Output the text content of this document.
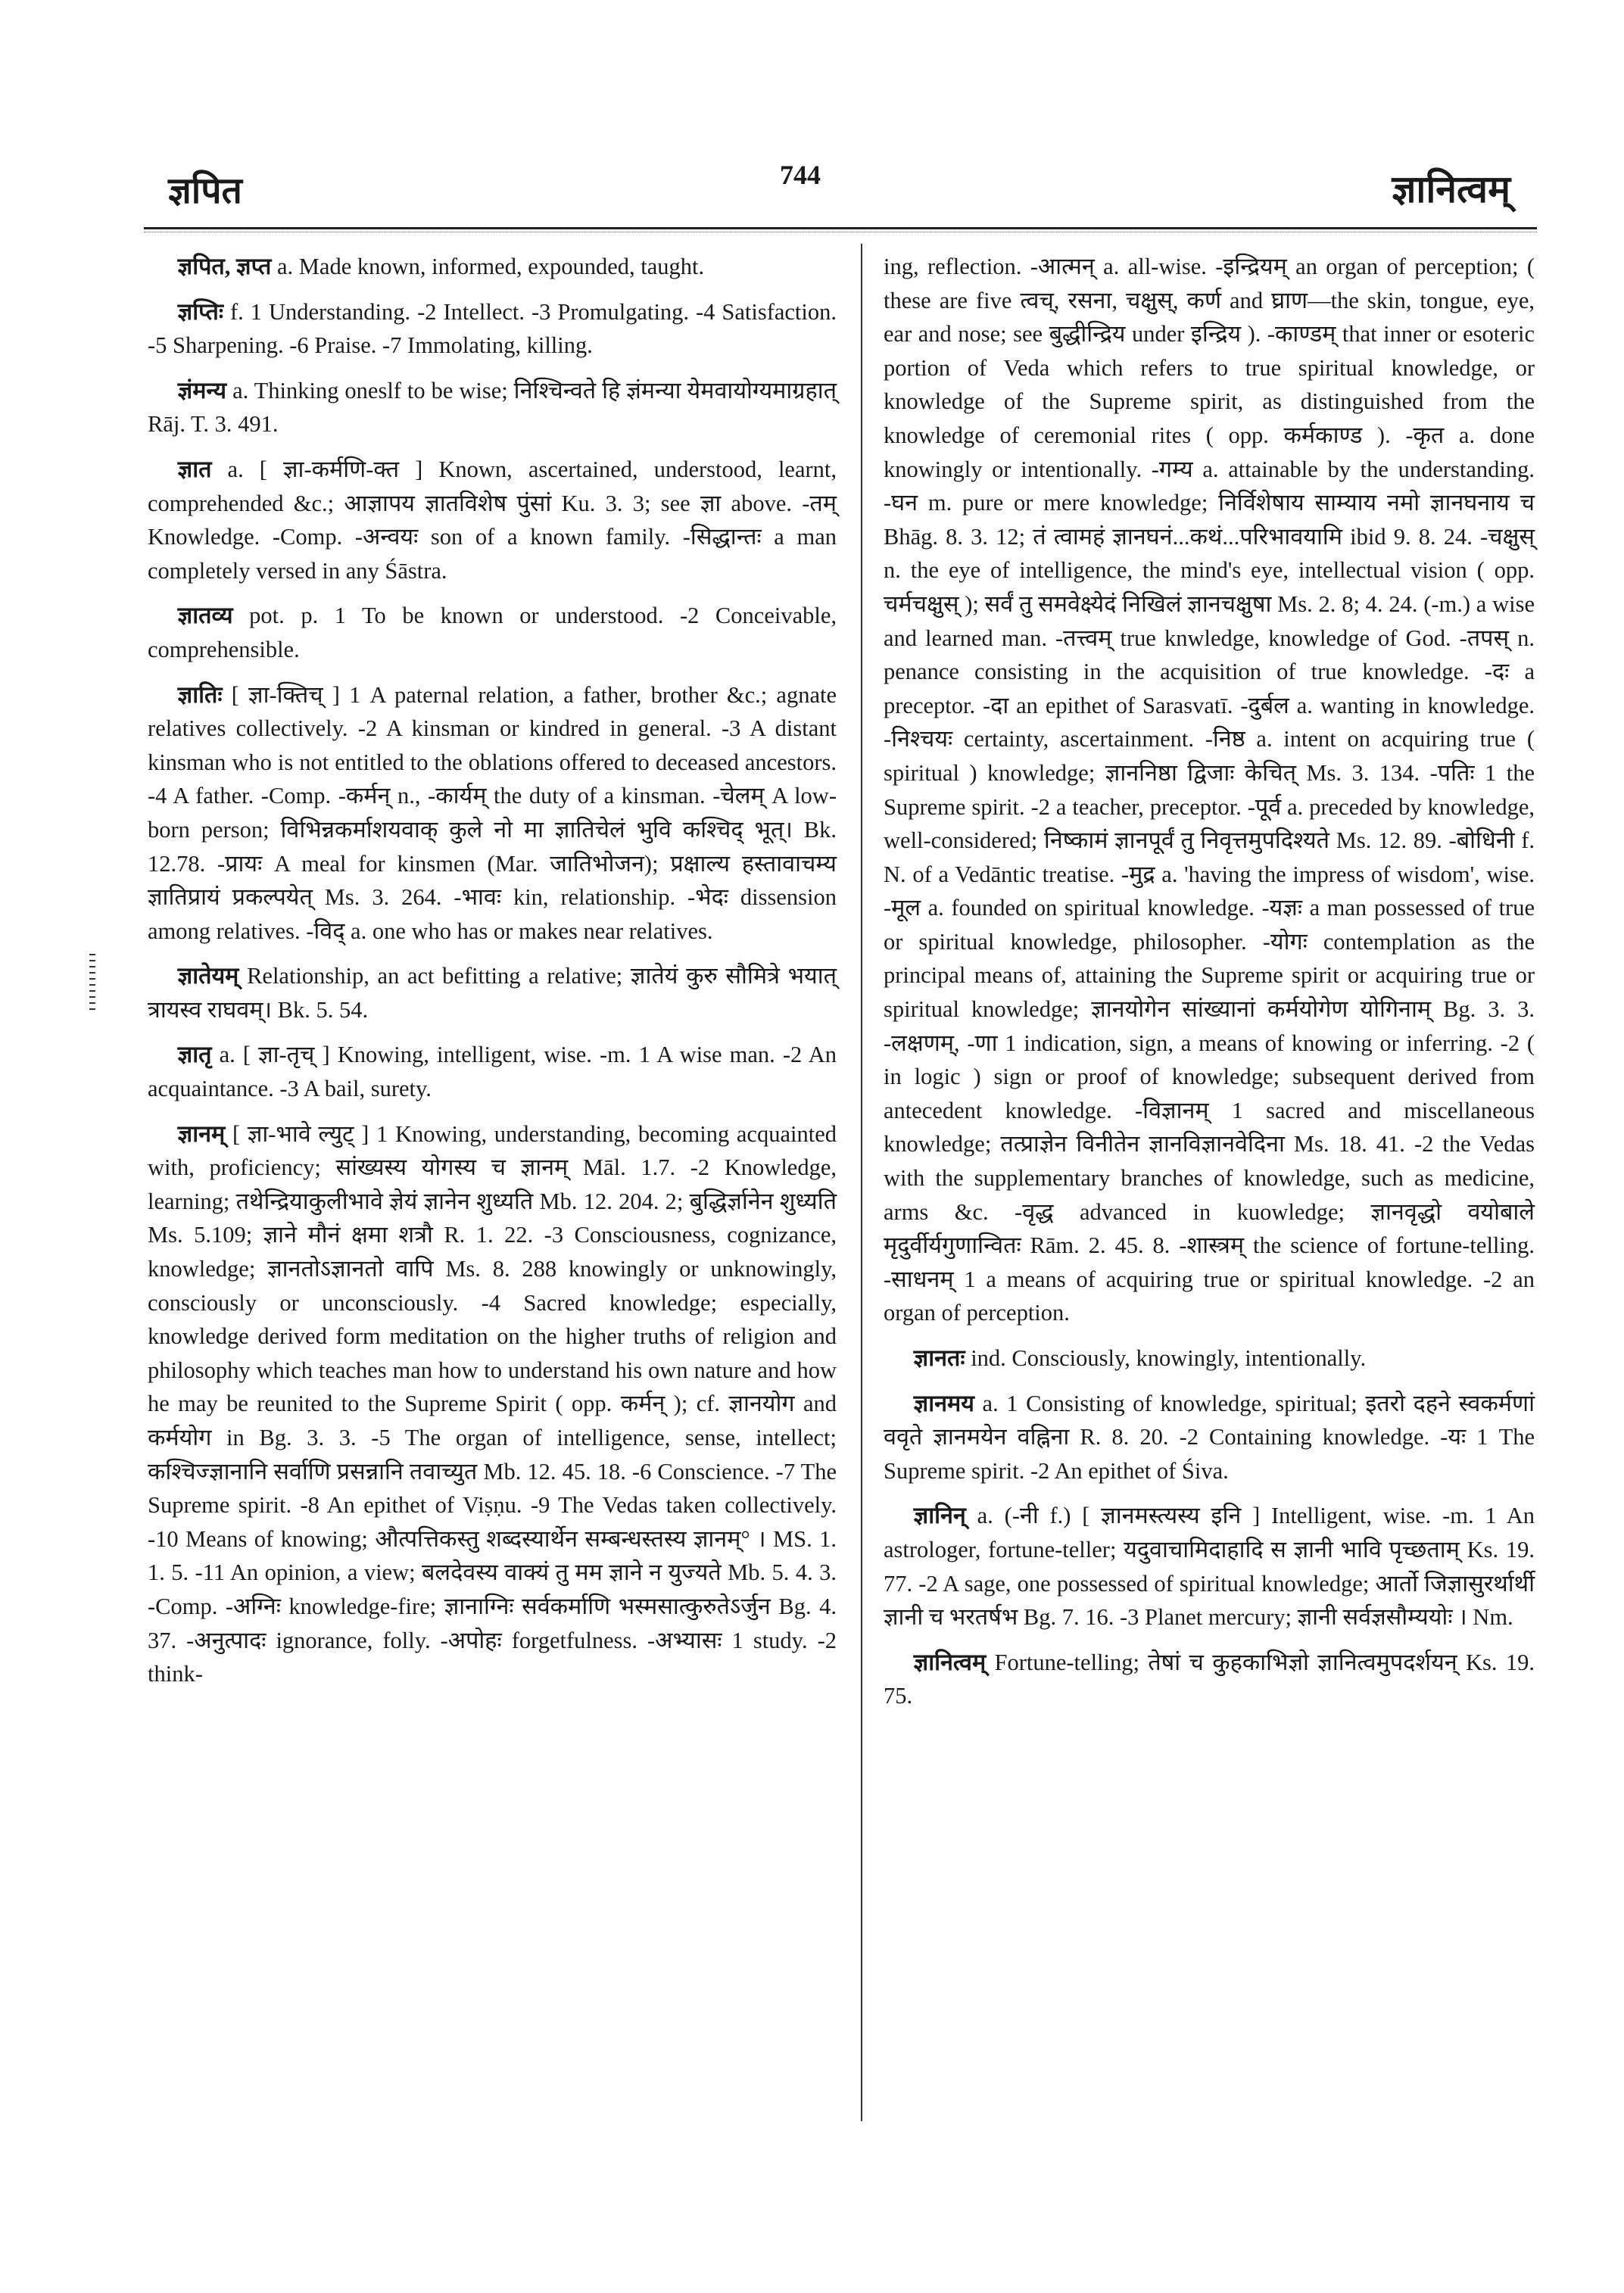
ज्ञपित	744	ज्ञानित्वम्

ज्ञपित, ज्ञप्त a. Made known, informed, expounded, taught.

ज्ञप्तिः f. 1 Understanding. -2 Intellect. -3 Promulgating. -4 Satisfaction. -5 Sharpening. -6 Praise. -7 Immolating, killing.

ज्ञंमन्य a. Thinking oneslf to be wise; निश्चिन्वते हि ज्ञंमन्या येमवायोग्यमाग्रहात् Rāj. T. 3. 491.

ज्ञात a. [ ज्ञा-कर्मणि-क्त ] Known, ascertained, understood, learnt, comprehended &c.; आज्ञापय ज्ञातविशेष पुंसां Ku. 3. 3; see ज्ञा above. -तम् Knowledge. -Comp. -अन्वयः son of a known family. -सिद्धान्तः a man completely versed in any Śāstra.

ज्ञातव्य pot. p. 1 To be known or understood. -2 Conceivable, comprehensible.

ज्ञातिः [ ज्ञा-क्तिच् ] 1 A paternal relation, a father, brother &c.; agnate relatives collectively. -2 A kinsman or kindred in general. -3 A distant kinsman who is not entitled to the oblations offered to deceased ancestors. -4 A father. -Comp. -कर्मन् n., -कार्यम् the duty of a kinsman. -चेलम् A low-born person; विभिन्नकर्माशयवाक् कुले नो मा ज्ञातिचेलं भुवि कश्चिद् भूत्। Bk. 12.78. -प्रायः A meal for kinsmen (Mar. जातिभोजन); प्रक्षाल्य हस्तावाचम्य ज्ञातिप्रायं प्रकल्पयेत् Ms. 3. 264. -भावः kin, relationship. -भेदः dissension among relatives. -विद् a. one who has or makes near relatives.

ज्ञातेयम् Relationship, an act befitting a relative; ज्ञातेयं कुरु सौमित्रे भयात् त्रायस्व राघवम्। Bk. 5. 54.

ज्ञातृ a. [ ज्ञा-तृच् ] Knowing, intelligent, wise. -m. 1 A wise man. -2 An acquaintance. -3 A bail, surety.

ज्ञानम् [ ज्ञा-भावे ल्युट् ] 1 Knowing, understanding, becoming acquainted with, proficiency; सांख्यस्य योगस्य च ज्ञानम् Māl. 1.7. -2 Knowledge, learning; तथेन्द्रियाकुलीभावे ज्ञेयं ज्ञानेन शुध्यति Mb. 12. 204. 2; बुद्धिर्ज्ञानेन शुध्यति Ms. 5.109; ज्ञाने मौनं क्षमा शत्रौ R. 1. 22. -3 Consciousness, cognizance, knowledge; ज्ञानतोऽज्ञानतो वापि Ms. 8. 288 knowingly or unknowingly, consciously or unconsciously. -4 Sacred knowledge; especially, knowledge derived form meditation on the higher truths of religion and philosophy which teaches man how to understand his own nature and how he may be reunited to the Supreme Spirit ( opp. कर्मन् ); cf. ज्ञानयोग and कर्मयोग in Bg. 3. 3. -5 The organ of intelligence, sense, intellect; कश्चिज्ज्ञानानि सर्वाणि प्रसन्नानि तवाच्युत Mb. 12. 45. 18. -6 Conscience. -7 The Supreme spirit. -8 An epithet of Viṣṇu. -9 The Vedas taken collectively. -10 Means of knowing; औत्पत्तिकस्तु शब्दस्यार्थेन सम्बन्धस्तस्य ज्ञानम्° । MS. 1. 1. 5. -11 An opinion, a view; बलदेवस्य वाक्यं तु मम ज्ञाने न युज्यते Mb. 5. 4. 3. -Comp. -अग्निः knowledge-fire; ज्ञानाग्निः सर्वकर्माणि भस्मसात्कुरुतेऽर्जुन Bg. 4. 37. -अनुत्पादः ignorance, folly. -अपोहः forgetfulness. -अभ्यासः 1 study. -2 think-

ing, reflection. -आत्मन् a. all-wise. -इन्द्रियम् an organ of perception; ( these are five त्वच्, रसना, चक्षुस्, कर्ण and घ्राण—the skin, tongue, eye, ear and nose; see बुद्धीन्द्रिय under इन्द्रिय ). -काण्डम् that inner or esoteric portion of Veda which refers to true spiritual knowledge, or knowledge of the Supreme spirit, as distinguished from the knowledge of ceremonial rites ( opp. कर्मकाण्ड ). -कृत a. done knowingly or intentionally. -गम्य a. attainable by the understanding. -घन m. pure or mere knowledge; निर्विशेषाय साम्याय नमो ज्ञानघनाय च Bhāg. 8. 3. 12; तं त्वामहं ज्ञानघनं...कथं...परिभावयामि ibid 9. 8. 24. -चक्षुस् n. the eye of intelligence, the mind's eye, intellectual vision ( opp. चर्मचक्षुस् ); सर्वं तु समवेक्ष्येदं निखिलं ज्ञानचक्षुषा Ms. 2. 8; 4. 24. (-m.) a wise and learned man. -तत्त्वम् true knwledge, knowledge of God. -तपस् n. penance consisting in the acquisition of true knowledge. -दः a preceptor. -दा an epithet of Sarasvatī. -दुर्बल a. wanting in knowledge. -निश्चयः certainty, ascertainment. -निष्ठ a. intent on acquiring true ( spiritual ) knowledge; ज्ञाननिष्ठा द्विजाः केचित् Ms. 3. 134. -पतिः 1 the Supreme spirit. -2 a teacher, preceptor. -पूर्व a. preceded by knowledge, well-considered; निष्कामं ज्ञानपूर्वं तु निवृत्तमुपदिश्यते Ms. 12. 89. -बोधिनी f. N. of a Vedāntic treatise. -मुद्र a. 'having the impress of wisdom', wise. -मूल a. founded on spiritual knowledge. -यज्ञः a man possessed of true or spiritual knowledge, philosopher. -योगः contemplation as the principal means of, attaining the Supreme spirit or acquiring true or spiritual knowledge; ज्ञानयोगेन सांख्यानां कर्मयोगेण योगिनाम् Bg. 3. 3. -लक्षणम्, -णा 1 indication, sign, a means of knowing or inferring. -2 ( in logic ) sign or proof of knowledge; subsequent derived from antecedent knowledge. -विज्ञानम् 1 sacred and miscellaneous knowledge; तत्प्राज्ञेन विनीतेन ज्ञानविज्ञानवेदिना Ms. 18. 41. -2 the Vedas with the supplementary branches of knowledge, such as medicine, arms &c. -वृद्ध advanced in kuowledge; ज्ञानवृद्धो वयोबाले मृदुर्वीर्यगुणान्वितः Rām. 2. 45. 8. -शास्त्रम् the science of fortune-telling. -साधनम् 1 a means of acquiring true or spiritual knowledge. -2 an organ of perception.

ज्ञानतः ind. Consciously, knowingly, intentionally.

ज्ञानमय a. 1 Consisting of knowledge, spiritual; इतरो दहने स्वकर्मणां ववृते ज्ञानमयेन वह्निना R. 8. 20. -2 Containing knowledge. -यः 1 The Supreme spirit. -2 An epithet of Śiva.

ज्ञानिन् a. (-नी f.) [ ज्ञानमस्त्यस्य इनि ] Intelligent, wise. -m. 1 An astrologer, fortune-teller; यदुवाचामिदाहादि स ज्ञानी भावि पृच्छताम् Ks. 19. 77. -2 A sage, one possessed of spiritual knowledge; आर्तो जिज्ञासुरर्थार्थी ज्ञानी च भरतर्षभ Bg. 7. 16. -3 Planet mercury; ज्ञानी सर्वज्ञसौम्ययोः । Nm.

ज्ञानित्वम् Fortune-telling; तेषां च कुहकाभिज्ञो ज्ञानित्वमुपदर्शयन् Ks. 19. 75.
